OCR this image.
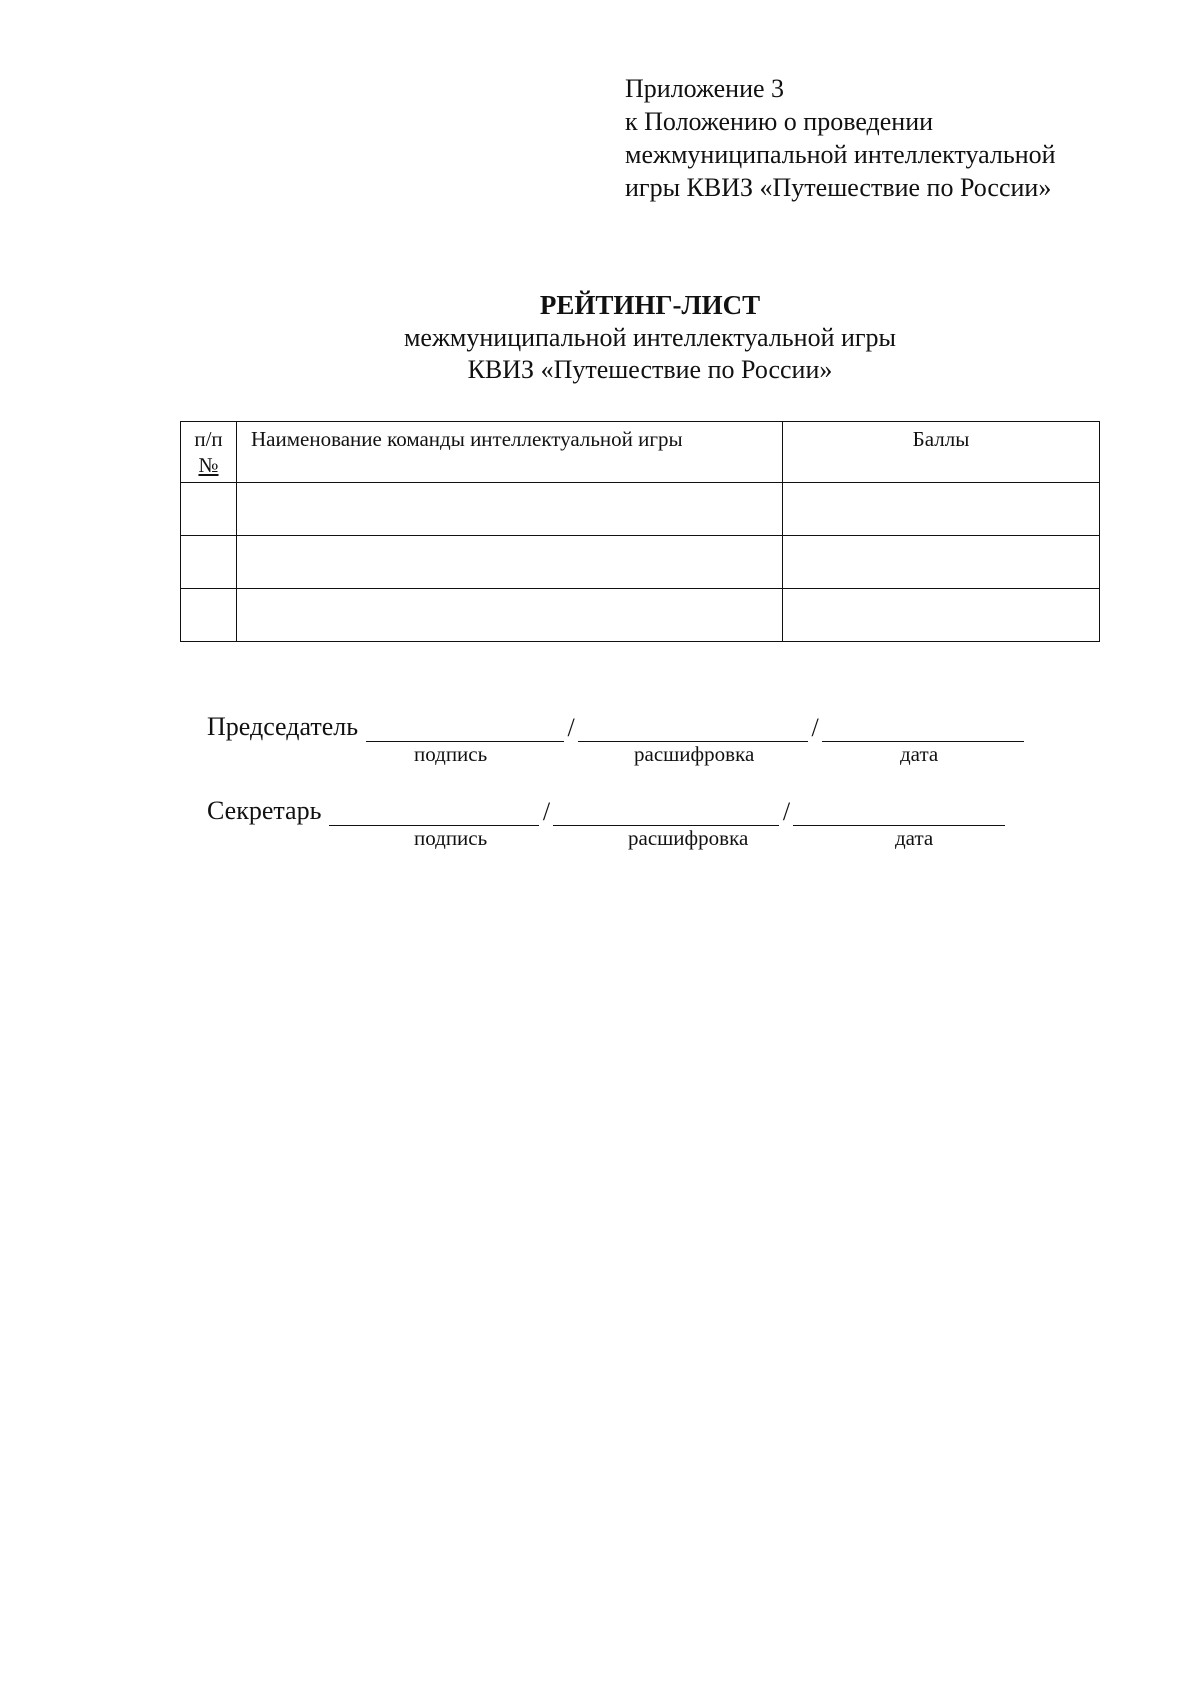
Приложение 3
к Положению о проведении
межмуниципальной интеллектуальной
игры КВИЗ «Путешествие по России»
РЕЙТИНГ-ЛИСТ
межмуниципальной интеллектуальной игры
КВИЗ «Путешествие по России»
п/п
№	Наименование команды интеллектуальной игры	Баллы

Председатель	/	/
подпись	расшифровка	дата
Секретарь	/	/
подпись	расшифровка	дата
